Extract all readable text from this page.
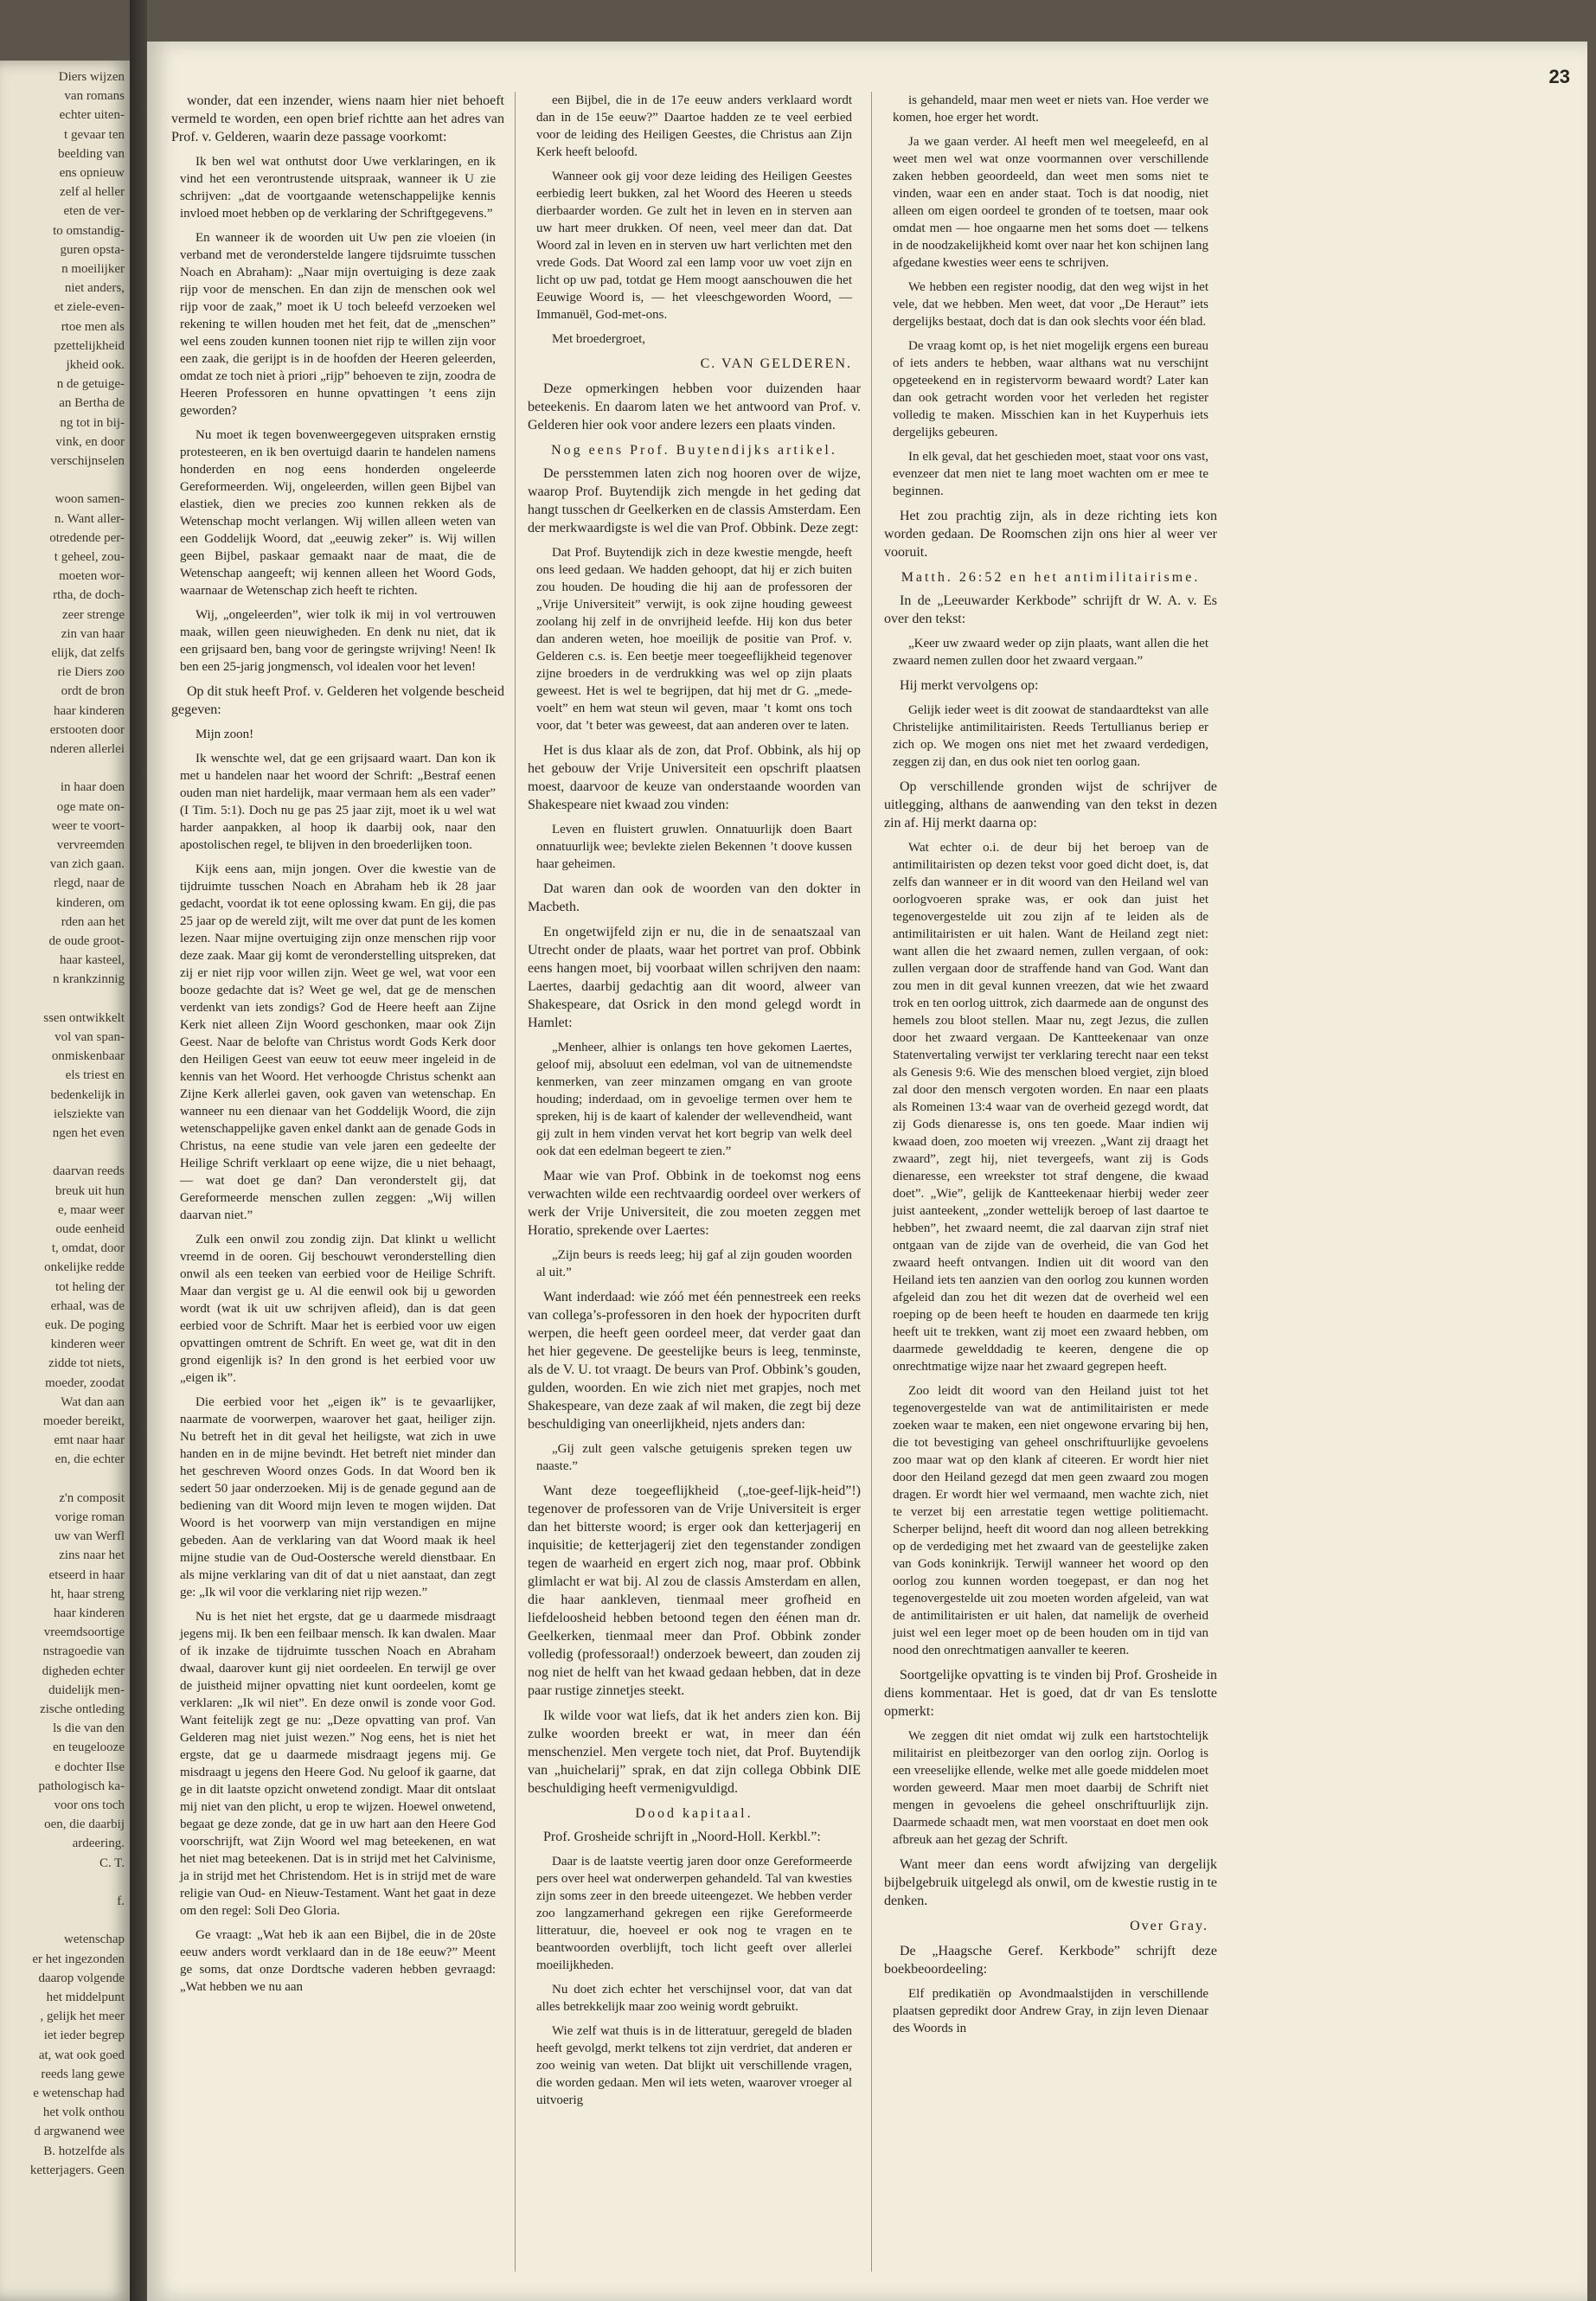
Diers wijzen
van romans
echter uiten-
t gevaar ten
beelding van
ens opnieuw
zelf al heller
eten de ver-
to omstandig-
guren opsta-
n moeilijker
niet anders,
et ziele-even-
rtoe men als
pzettelijkheid
jkheid ook.
n de getuige-
an Bertha de
ng tot in bij-
vink, en door
verschijnselen
woon samen-
n. Want aller-
otredende per-
t geheel, zou-
moeten wor-
rtha, de doch-
zeer strenge
zin van haar
elijk, dat zelfs
rie Diers zoo
ordt de bron
haar kinderen
erstooten door
nderen allerlei
in haar doen
oge mate on-
weer te voort-
vervreemden
van zich gaan.
rlegd, naar de
kinderen, om
rden aan het
de oude groot-
haar kasteel,
n krankzinnig
ssen ontwikkelt
vol van span-
onmiskenbaar
els triest en
bedenkelijk in
ielsziekte van
ngen het even
daarvan reeds
breuk uit hun
e, maar weer
oude eenheid
t, omdat, door
onkelijke redde
tot heling der
erhaal, was de
euk. De poging
kinderen weer
zidde tot niets,
moeder, zoodat
Wat dan aan
moeder bereikt,
emt naar haar
en, die echter
z'n composit
vorige roman
uw van Werfl
zins naar het
etseerd in haar
ht, haar streng
haar kinderen
vreemdsoortige
nstragoedie van
digheden echter
duidelijk men-
zische ontleding
ls die van den
en teugelooze
e dochter Ilse
pathologisch ka-
voor ons toch
oen, die daarbij
ardeering.
C. T.
f.
wetenschap
er het ingezonden
daarop volgende
het middelpunt
, gelijk het meer
iet ieder begrep
at, wat ook goed
reeds lang gewe
e wetenschap had
het volk onthou
d argwanend wee
B. hotzelfde als
ketterjagers. Geen
23

wonder, dat een inzender, wiens naam hier niet behoeft vermeld te worden, een open brief richtte aan het adres van Prof. v. Gelderen, waarin deze passage voorkomt:

Ik ben wel wat onthutst door Uwe verklaringen, en ik vind het een verontrustende uitspraak, wanneer ik U zie schrijven: „dat de voortgaande wetenschappelijke kennis invloed moet hebben op de verklaring der Schriftgegevens.”

En wanneer ik de woorden uit Uw pen zie vloeien (in verband met de veronderstelde langere tijdsruimte tusschen Noach en Abraham): „Naar mijn overtuiging is deze zaak rijp voor de menschen. En dan zijn de menschen ook wel rijp voor de zaak,” moet ik U toch beleefd verzoeken wel rekening te willen houden met het feit, dat de „menschen” wel eens zouden kunnen toonen niet rijp te willen zijn voor een zaak, die gerijpt is in de hoofden der Heeren geleerden, omdat ze toch niet à priori „rijp” behoeven te zijn, zoodra de Heeren Professoren en hunne opvattingen ’t eens zijn geworden?

Nu moet ik tegen bovenweergegeven uitspraken ernstig protesteeren, en ik ben overtuigd daarin te handelen namens honderden en nog eens honderden ongeleerde Gereformeerden. Wij, ongeleerden, willen geen Bijbel van elastiek, dien we precies zoo kunnen rekken als de Wetenschap mocht verlangen. Wij willen alleen weten van een Goddelijk Woord, dat „eeuwig zeker” is. Wij willen geen Bijbel, paskaar gemaakt naar de maat, die de Wetenschap aangeeft; wij kennen alleen het Woord Gods, waarnaar de Wetenschap zich heeft te richten.

Wij, „ongeleerden”, wier tolk ik mij in vol vertrouwen maak, willen geen nieuwigheden. En denk nu niet, dat ik een grijsaard ben, bang voor de geringste wrijving! Neen! Ik ben een 25-jarig jongmensch, vol idealen voor het leven!

Op dit stuk heeft Prof. v. Gelderen het volgende bescheid gegeven:

Mijn zoon!

Ik wenschte wel, dat ge een grijsaard waart. Dan kon ik met u handelen naar het woord der Schrift: „Bestraf eenen ouden man niet hardelijk, maar vermaan hem als een vader” (I Tim. 5:1). Doch nu ge pas 25 jaar zijt, moet ik u wel wat harder aanpakken, al hoop ik daarbij ook, naar den apostolischen regel, te blijven in den broederlijken toon.

Kijk eens aan, mijn jongen. Over die kwestie van de tijdruimte tusschen Noach en Abraham heb ik 28 jaar gedacht, voordat ik tot eene oplossing kwam. En gij, die pas 25 jaar op de wereld zijt, wilt me over dat punt de les komen lezen. Naar mijne overtuiging zijn onze menschen rijp voor deze zaak. Maar gij komt de veronderstelling uitspreken, dat zij er niet rijp voor willen zijn. Weet ge wel, wat voor een booze gedachte dat is? Weet ge wel, dat ge de menschen verdenkt van iets zondigs? God de Heere heeft aan Zijne Kerk niet alleen Zijn Woord geschonken, maar ook Zijn Geest. Naar de belofte van Christus wordt Gods Kerk door den Heiligen Geest van eeuw tot eeuw meer ingeleid in de kennis van het Woord. Het verhoogde Christus schenkt aan Zijne Kerk allerlei gaven, ook gaven van wetenschap. En wanneer nu een dienaar van het Goddelijk Woord, die zijn wetenschappelijke gaven enkel dankt aan de genade Gods in Christus, na eene studie van vele jaren een gedeelte der Heilige Schrift verklaart op eene wijze, die u niet behaagt, — wat doet ge dan? Dan veronderstelt gij, dat Gereformeerde menschen zullen zeggen: „Wij willen daarvan niet.”

Zulk een onwil zou zondig zijn. Dat klinkt u wellicht vreemd in de ooren. Gij beschouwt veronderstelling dien onwil als een teeken van eerbied voor de Heilige Schrift. Maar dan vergist ge u. Al die eenwil ook bij u geworden wordt (wat ik uit uw schrijven afleid), dan is dat geen eerbied voor de Schrift. Maar het is eerbied voor uw eigen opvattingen omtrent de Schrift. En weet ge, wat dit in den grond eigenlijk is? In den grond is het eerbied voor uw „eigen ik”.

Die eerbied voor het „eigen ik” is te gevaarlijker, naarmate de voorwerpen, waarover het gaat, heiliger zijn. Nu betreft het in dit geval het heiligste, wat zich in uwe handen en in de mijne bevindt. Het betreft niet minder dan het geschreven Woord onzes Gods. In dat Woord ben ik sedert 50 jaar onderzoeken. Mij is de genade gegund aan de bediening van dit Woord mijn leven te mogen wijden. Dat Woord is het voorwerp van mijn verstandigen en mijne gebeden. Aan de verklaring van dat Woord maak ik heel mijne studie van de Oud-Oostersche wereld dienstbaar. En als mijne verklaring van dit of dat u niet aanstaat, dan zegt ge: „Ik wil voor die verklaring niet rijp wezen.”

Nu is het niet het ergste, dat ge u daarmede misdraagt jegens mij. Ik ben een feilbaar mensch. Ik kan dwalen. Maar of ik inzake de tijdruimte tusschen Noach en Abraham dwaal, daarover kunt gij niet oordeelen. En terwijl ge over de juistheid mijner opvatting niet kunt oordeelen, komt ge verklaren: „Ik wil niet”. En deze onwil is zonde voor God. Want feitelijk zegt ge nu: „Deze opvatting van prof. Van Gelderen mag niet juist wezen.” Nog eens, het is niet het ergste, dat ge u daarmede misdraagt jegens mij. Ge misdraagt u jegens den Heere God. Nu geloof ik gaarne, dat ge in dit laatste opzicht onwetend zondigt. Maar dit ontslaat mij niet van den plicht, u erop te wijzen. Hoewel onwetend, begaat ge deze zonde, dat ge in uw hart aan den Heere God voorschrijft, wat Zijn Woord wel mag beteekenen, en wat het niet mag beteekenen. Dat is in strijd met het Calvinisme, ja in strijd met het Christendom. Het is in strijd met de ware religie van Oud- en Nieuw-Testament. Want het gaat in deze om den regel: Soli Deo Gloria.

Ge vraagt: „Wat heb ik aan een Bijbel, die in de 20ste eeuw anders wordt verklaard dan in de 18e eeuw?” Meent ge soms, dat onze Dordtsche vaderen hebben gevraagd: „Wat hebben we nu aan

een Bijbel, die in de 17e eeuw anders verklaard wordt dan in de 15e eeuw?” Daartoe hadden ze te veel eerbied voor de leiding des Heiligen Geestes, die Christus aan Zijn Kerk heeft beloofd.

Wanneer ook gij voor deze leiding des Heiligen Geestes eerbiedig leert bukken, zal het Woord des Heeren u steeds dierbaarder worden. Ge zult het in leven en in sterven aan uw hart meer drukken. Of neen, veel meer dan dat. Dat Woord zal in leven en in sterven uw hart verlichten met den vrede Gods. Dat Woord zal een lamp voor uw voet zijn en licht op uw pad, totdat ge Hem moogt aanschouwen die het Eeuwige Woord is, — het vleeschgeworden Woord, — Immanuël, God-met-ons.

Met broedergroet,

C. VAN GELDEREN.

Deze opmerkingen hebben voor duizenden haar beteekenis. En daarom laten we het antwoord van Prof. v. Gelderen hier ook voor andere lezers een plaats vinden.

Nog eens Prof. Buytendijks artikel.

De persstemmen laten zich nog hooren over de wijze, waarop Prof. Buytendijk zich mengde in het geding dat hangt tusschen dr Geelkerken en de classis Amsterdam. Een der merkwaardigste is wel die van Prof. Obbink. Deze zegt:

Dat Prof. Buytendijk zich in deze kwestie mengde, heeft ons leed gedaan. We hadden gehoopt, dat hij er zich buiten zou houden. De houding die hij aan de professoren der „Vrije Universiteit” verwijt, is ook zijne houding geweest zoolang hij zelf in de onvrijheid leefde. Hij kon dus beter dan anderen weten, hoe moeilijk de positie van Prof. v. Gelderen c.s. is. Een beetje meer toegeeflijkheid tegenover zijne broeders in de verdrukking was wel op zijn plaats geweest. Het is wel te begrijpen, dat hij met dr G. „mede-voelt” en hem wat steun wil geven, maar ’t komt ons toch voor, dat ’t beter was geweest, dat aan anderen over te laten.

Het is dus klaar als de zon, dat Prof. Obbink, als hij op het gebouw der Vrije Universiteit een opschrift plaatsen moest, daarvoor de keuze van onderstaande woorden van Shakespeare niet kwaad zou vinden:

Leven en fluistert gruwlen. Onnatuurlijk doen Baart onnatuurlijk wee; bevlekte zielen Bekennen ’t doove kussen haar geheimen.

Dat waren dan ook de woorden van den dokter in Macbeth.

En ongetwijfeld zijn er nu, die in de senaatszaal van Utrecht onder de plaats, waar het portret van prof. Obbink eens hangen moet, bij voorbaat willen schrijven den naam: Laertes, daarbij gedachtig aan dit woord, alweer van Shakespeare, dat Osrick in den mond gelegd wordt in Hamlet:

„Menheer, alhier is onlangs ten hove gekomen Laertes, geloof mij, absoluut een edelman, vol van de uitnemendste kenmerken, van zeer minzamen omgang en van groote houding; inderdaad, om in gevoelige termen over hem te spreken, hij is de kaart of kalender der wellevendheid, want gij zult in hem vinden vervat het kort begrip van welk deel ook dat een edelman begeert te zien.”

Maar wie van Prof. Obbink in de toekomst nog eens verwachten wilde een rechtvaardig oordeel over werkers of werk der Vrije Universiteit, die zou moeten zeggen met Horatio, sprekende over Laertes:

„Zijn beurs is reeds leeg; hij gaf al zijn gouden woorden al uit.”

Want inderdaad: wie zóó met één pennestreek een reeks van collega’s-professoren in den hoek der hypocriten durft werpen, die heeft geen oordeel meer, dat verder gaat dan het hier gegevene. De geestelijke beurs is leeg, tenminste, als de V. U. tot vraagt. De beurs van Prof. Obbink’s gouden, gulden, woorden. En wie zich niet met grapjes, noch met Shakespeare, van deze zaak af wil maken, die zegt bij deze beschuldiging van oneerlijkheid, njets anders dan:

„Gij zult geen valsche getuigenis spreken tegen uw naaste.”

Want deze toegeeflijkheid („toe-geef-lijk-heid”!) tegenover de professoren van de Vrije Universiteit is erger dan het bitterste woord; is erger ook dan ketterjagerij en inquisitie; de ketterjagerij ziet den tegenstander zondigen tegen de waarheid en ergert zich nog, maar prof. Obbink glimlacht er wat bij. Al zou de classis Amsterdam en allen, die haar aankleven, tienmaal meer grofheid en liefdeloosheid hebben betoond tegen den éénen man dr. Geelkerken, tienmaal meer dan Prof. Obbink zonder volledig (professoraal!) onderzoek beweert, dan zouden zij nog niet de helft van het kwaad gedaan hebben, dat in deze paar rustige zinnetjes steekt.

Ik wilde voor wat liefs, dat ik het anders zien kon. Bij zulke woorden breekt er wat, in meer dan één menschenziel. Men vergete toch niet, dat Prof. Buytendijk van „huichelarij” sprak, en dat zijn collega Obbink DIE beschuldiging heeft vermenigvuldigd.

Dood kapitaal.

Prof. Grosheide schrijft in „Noord-Holl. Kerkbl.”:

Daar is de laatste veertig jaren door onze Gereformeerde pers over heel wat onderwerpen gehandeld. Tal van kwesties zijn soms zeer in den breede uiteengezet. We hebben verder zoo langzamerhand gekregen een rijke Gereformeerde litteratuur, die, hoeveel er ook nog te vragen en te beantwoorden overblijft, toch licht geeft over allerlei moeilijkheden.

Nu doet zich echter het verschijnsel voor, dat van dat alles betrekkelijk maar zoo weinig wordt gebruikt.

Wie zelf wat thuis is in de litteratuur, geregeld de bladen heeft gevolgd, merkt telkens tot zijn verdriet, dat anderen er zoo weinig van weten. Dat blijkt uit verschillende vragen, die worden gedaan. Men wil iets weten, waarover vroeger al uitvoerig

is gehandeld, maar men weet er niets van. Hoe verder we komen, hoe erger het wordt.

Ja we gaan verder. Al heeft men wel meegeleefd, en al weet men wel wat onze voormannen over verschillende zaken hebben geoordeeld, dan weet men soms niet te vinden, waar een en ander staat. Toch is dat noodig, niet alleen om eigen oordeel te gronden of te toetsen, maar ook omdat men — hoe ongaarne men het soms doet — telkens in de noodzakelijkheid komt over naar het kon schijnen lang afgedane kwesties weer eens te schrijven.

We hebben een register noodig, dat den weg wijst in het vele, dat we hebben. Men weet, dat voor „De Heraut” iets dergelijks bestaat, doch dat is dan ook slechts voor één blad.

De vraag komt op, is het niet mogelijk ergens een bureau of iets anders te hebben, waar althans wat nu verschijnt opgeteekend en in registervorm bewaard wordt? Later kan dan ook getracht worden voor het verleden het register volledig te maken. Misschien kan in het Kuyperhuis iets dergelijks gebeuren.

In elk geval, dat het geschieden moet, staat voor ons vast, evenzeer dat men niet te lang moet wachten om er mee te beginnen.

Het zou prachtig zijn, als in deze richting iets kon worden gedaan. De Roomschen zijn ons hier al weer ver vooruit.

Matth. 26:52 en het antimilitairisme.

In de „Leeuwarder Kerkbode” schrijft dr W. A. v. Es over den tekst:

„Keer uw zwaard weder op zijn plaats, want allen die het zwaard nemen zullen door het zwaard vergaan.”

Hij merkt vervolgens op:

Gelijk ieder weet is dit zoowat de standaardtekst van alle Christelijke antimilitairisten. Reeds Tertullianus beriep er zich op. We mogen ons niet met het zwaard verdedigen, zeggen zij dan, en dus ook niet ten oorlog gaan.

Op verschillende gronden wijst de schrijver de uitlegging, althans de aanwending van den tekst in dezen zin af. Hij merkt daarna op:

Wat echter o.i. de deur bij het beroep van de antimilitairisten op dezen tekst voor goed dicht doet, is, dat zelfs dan wanneer er in dit woord van den Heiland wel van oorlogvoeren sprake was, er ook dan juist het tegenovergestelde uit zou zijn af te leiden als de antimilitairisten er uit halen. Want de Heiland zegt niet: want allen die het zwaard nemen, zullen vergaan, of ook: zullen vergaan door de straffende hand van God. Want dan zou men in dit geval kunnen vreezen, dat wie het zwaard trok en ten oorlog uittrok, zich daarmede aan de ongunst des hemels zou bloot stellen. Maar nu, zegt Jezus, die zullen door het zwaard vergaan. De Kantteekenaar van onze Statenvertaling verwijst ter verklaring terecht naar een tekst als Genesis 9:6. Wie des menschen bloed vergiet, zijn bloed zal door den mensch vergoten worden. En naar een plaats als Romeinen 13:4 waar van de overheid gezegd wordt, dat zij Gods dienaresse is, ons ten goede. Maar indien wij kwaad doen, zoo moeten wij vreezen. „Want zij draagt het zwaard”, zegt hij, niet tevergeefs, want zij is Gods dienaresse, een wreekster tot straf dengene, die kwaad doet”. „Wie”, gelijk de Kantteekenaar hierbij weder zeer juist aanteekent, „zonder wettelijk beroep of last daartoe te hebben”, het zwaard neemt, die zal daarvan zijn straf niet ontgaan van de zijde van de overheid, die van God het zwaard heeft ontvangen. Indien uit dit woord van den Heiland iets ten aanzien van den oorlog zou kunnen worden afgeleid dan zou het dit wezen dat de overheid wel een roeping op de been heeft te houden en daarmede ten krijg heeft uit te trekken, want zij moet een zwaard hebben, om daarmede gewelddadig te keeren, dengene die op onrechtmatige wijze naar het zwaard gegrepen heeft.

Zoo leidt dit woord van den Heiland juist tot het tegenovergestelde van wat de antimilitairisten er mede zoeken waar te maken, een niet ongewone ervaring bij hen, die tot bevestiging van geheel onschriftuurlijke gevoelens zoo maar wat op den klank af citeeren. Er wordt hier niet door den Heiland gezegd dat men geen zwaard zou mogen dragen. Er wordt hier wel vermaand, men wachte zich, niet te verzet bij een arrestatie tegen wettige politiemacht. Scherper belijnd, heeft dit woord dan nog alleen betrekking op de verdediging met het zwaard van de geestelijke zaken van Gods koninkrijk. Terwijl wanneer het woord op den oorlog zou kunnen worden toegepast, er dan nog het tegenovergestelde uit zou moeten worden afgeleid, van wat de antimilitairisten er uit halen, dat namelijk de overheid juist wel een leger moet op de been houden om in tijd van nood den onrechtmatigen aanvaller te keeren.

Soortgelijke opvatting is te vinden bij Prof. Grosheide in diens kommentaar. Het is goed, dat dr van Es tenslotte opmerkt:

We zeggen dit niet omdat wij zulk een hartstochtelijk militairist en pleitbezorger van den oorlog zijn. Oorlog is een vreeselijke ellende, welke met alle goede middelen moet worden geweerd. Maar men moet daarbij de Schrift niet mengen in gevoelens die geheel onschriftuurlijk zijn. Daarmede schaadt men, wat men voorstaat en doet men ook afbreuk aan het gezag der Schrift.

Want meer dan eens wordt afwijzing van dergelijk bijbelgebruik uitgelegd als onwil, om de kwestie rustig in te denken.

Over Gray.

De „Haagsche Geref. Kerkbode” schrijft deze boekbeoordeeling:

Elf predikatiën op Avondmaalstijden in verschillende plaatsen gepredikt door Andrew Gray, in zijn leven Dienaar des Woords in
